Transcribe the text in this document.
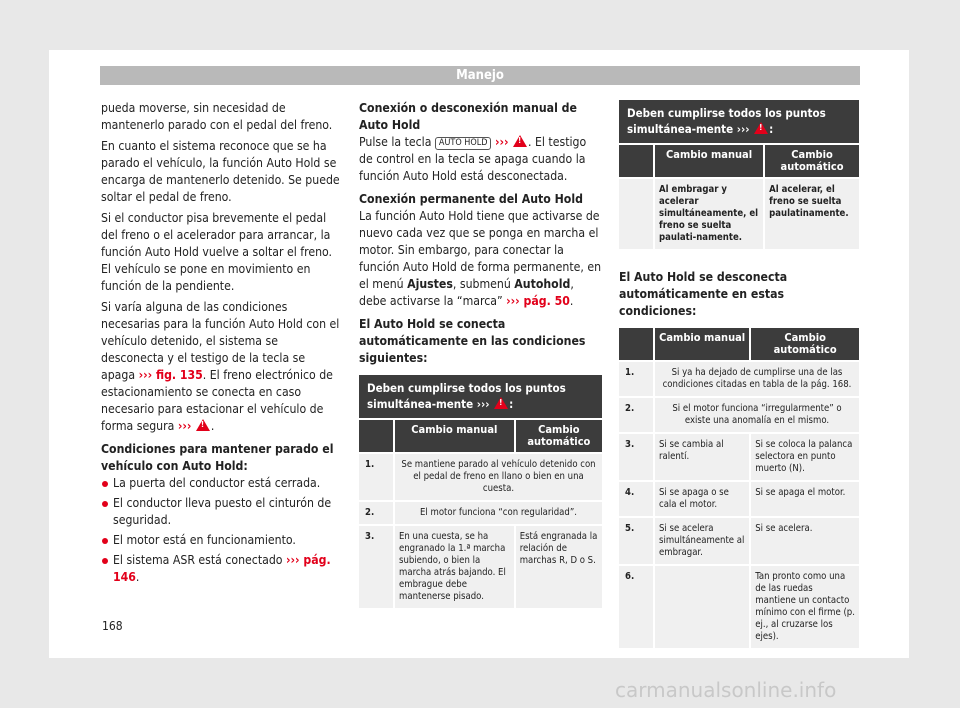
Manejo

pueda moverse, sin necesidad de mantenerlo parado con el pedal del freno.

En cuanto el sistema reconoce que se ha parado el vehículo, la función Auto Hold se encarga de mantenerlo detenido. Se puede soltar el pedal de freno.

Si el conductor pisa brevemente el pedal del freno o el acelerador para arrancar, la función Auto Hold vuelve a soltar el freno. El vehículo se pone en movimiento en función de la pendiente.

Si varía alguna de las condiciones necesarias para la función Auto Hold con el vehículo detenido, el sistema se desconecta y el testigo de la tecla se apaga ››› fig. 135. El freno electrónico de estacionamiento se conecta en caso necesario para estacionar el vehículo de forma segura ››› ! .

Condiciones para mantener parado el vehículo con Auto Hold:

La puerta del conductor está cerrada.

El conductor lleva puesto el cinturón de seguridad.

El motor está en funcionamiento.

El sistema ASR está conectado ››› pág. 146.

Conexión o desconexión manual de Auto Hold

Pulse la tecla AUTO HOLD ››› ! . El testigo de control en la tecla se apaga cuando la función Auto Hold está desconectada.

Conexión permanente del Auto Hold

La función Auto Hold tiene que activarse de nuevo cada vez que se ponga en marcha el motor. Sin embargo, para conectar la función Auto Hold de forma permanente, en el menú Ajustes, submenú Autohold, debe activarse la “marca” ››› pág. 50.

El Auto Hold se conecta automáticamente en las condiciones siguientes:
Deben cumplirse todos los puntos simultánea-mente ››› ! :
	Cambio manual	Cambio automático
1.	Se mantiene parado al vehículo detenido con el pedal de freno en llano o bien en una cuesta.	
2.	El motor funciona “con regularidad”.	
3.	En una cuesta, se ha engranado la 1.ª marcha subiendo, o bien la marcha atrás bajando. El embrague debe mantenerse pisado.	Está engranada la relación de marchas R, D o S.
Deben cumplirse todos los puntos simultánea-mente ››› ! :
	Cambio manual	Cambio automático
	Al embragar y acelerar simultáneamente, el freno se suelta paulati-namente.	Al acelerar, el freno se suelta paulatinamente.
El Auto Hold se desconecta automáticamente en estas condiciones:
	Cambio manual	Cambio automático
1.	Si ya ha dejado de cumplirse una de las condiciones citadas en tabla de la pág. 168.	
2.	Si el motor funciona “irregularmente” o existe una anomalía en el mismo.	
3.	Si se cambia al ralentí.	Si se coloca la palanca selectora en punto muerto (N).
4.	Si se apaga o se cala el motor.	Si se apaga el motor.
5.	Si se acelera simultáneamente al embragar.	Si se acelera.
6.		Tan pronto como una de las ruedas mantiene un contacto mínimo con el firme (p. ej., al cruzarse los ejes).
168
carmanualsonline.info
